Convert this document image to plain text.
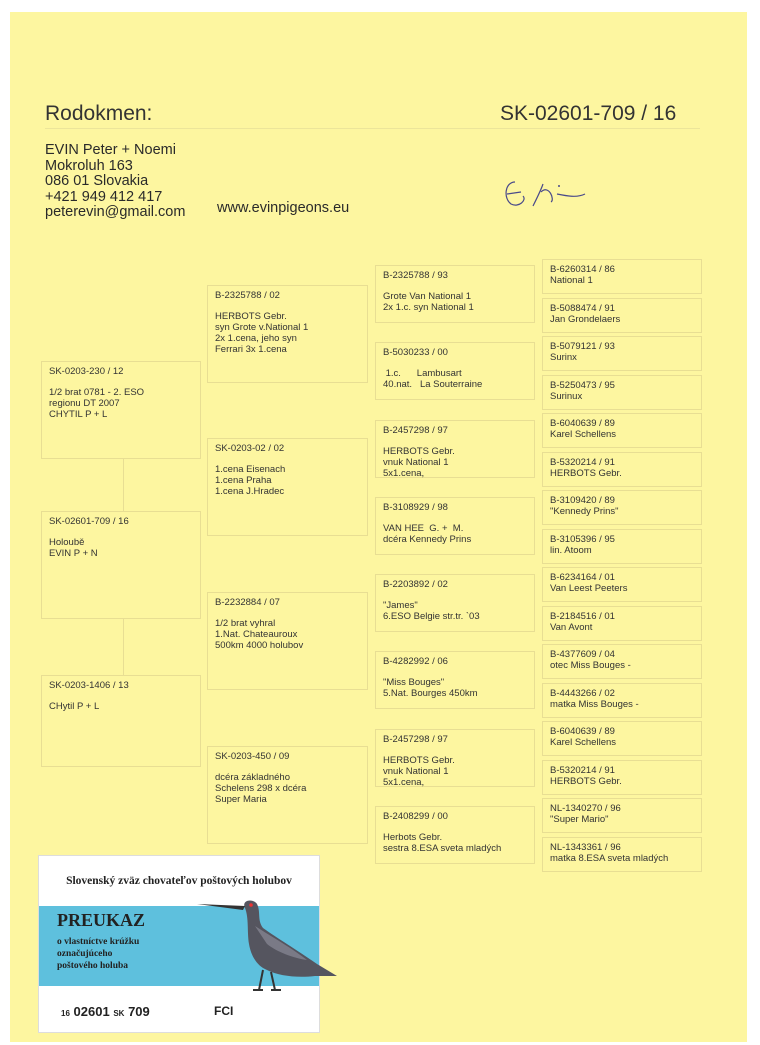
Rodokmen:	SK-02601-709 / 16
EVIN Peter + Noemi
Mokroluh 163
086 01 Slovakia
+421 949 412 417
peterevin@gmail.com www.evinpigeons.eu
SK-0203-230 / 12
1/2 brat 0781 - 2. ESO
regionu DT 2007
CHYTIL P + L
SK-02601-709 / 16
Holoubě
EVIN P + N
SK-0203-1406 / 13
CHytil P + L
B-2325788 / 02
HERBOTS Gebr.
syn Grote v.National 1
2x 1.cena, jeho syn
Ferrari 3x 1.cena
SK-0203-02 / 02
1.cena Eisenach
1.cena Praha
1.cena J.Hradec
B-2232884 / 07
1/2 brat vyhral
1.Nat. Chateauroux
500km 4000 holubov
SK-0203-450 / 09
dcéra základného
Schelens 298 x dcéra
Super Maria
B-2325788 / 93
Grote Van National 1
2x 1.c. syn National 1
B-5030233 / 00
1.c.      Lambusart
40.nat.   La Souterraine
B-2457298 / 97
HERBOTS Gebr.
vnuk National 1
5x1.cena,
B-3108929 / 98
VAN HEE  G. +  M.
dcéra Kennedy Prins
B-2203892 / 02
"James"
6.ESO Belgie str.tr. `03
B-4282992 / 06
"Miss Bouges"
5.Nat. Bourges 450km
B-2457298 / 97
HERBOTS Gebr.
vnuk National 1
5x1.cena,
B-2408299 / 00
Herbots Gebr.
sestra 8.ESA sveta mladých
B-6260314 / 86
National 1
B-5088474 / 91
Jan Grondelaers
B-5079121 / 93
Surinx
B-5250473 / 95
Surinux
B-6040639 / 89
Karel Schellens
B-5320214 / 91
HERBOTS Gebr.
B-3109420 / 89
"Kennedy Prins"
B-3105396 / 95
lin. Atoom
B-6234164 / 01
Van Leest Peeters
B-2184516 / 01
Van Avont
B-4377609 / 04
otec Miss Bouges -
B-4443266 / 02
matka Miss Bouges -
B-6040639 / 89
Karel Schellens
B-5320214 / 91
HERBOTS Gebr.
NL-1340270 / 96
"Super Mario"
NL-1343361 / 96
matka 8.ESA sveta mladých
Slovenský zväz chovateľov poštových holubov
PREUKAZ
o vlastníctve krúžku
označujúceho
poštového holuba
16 02601 SK 709	FCI
